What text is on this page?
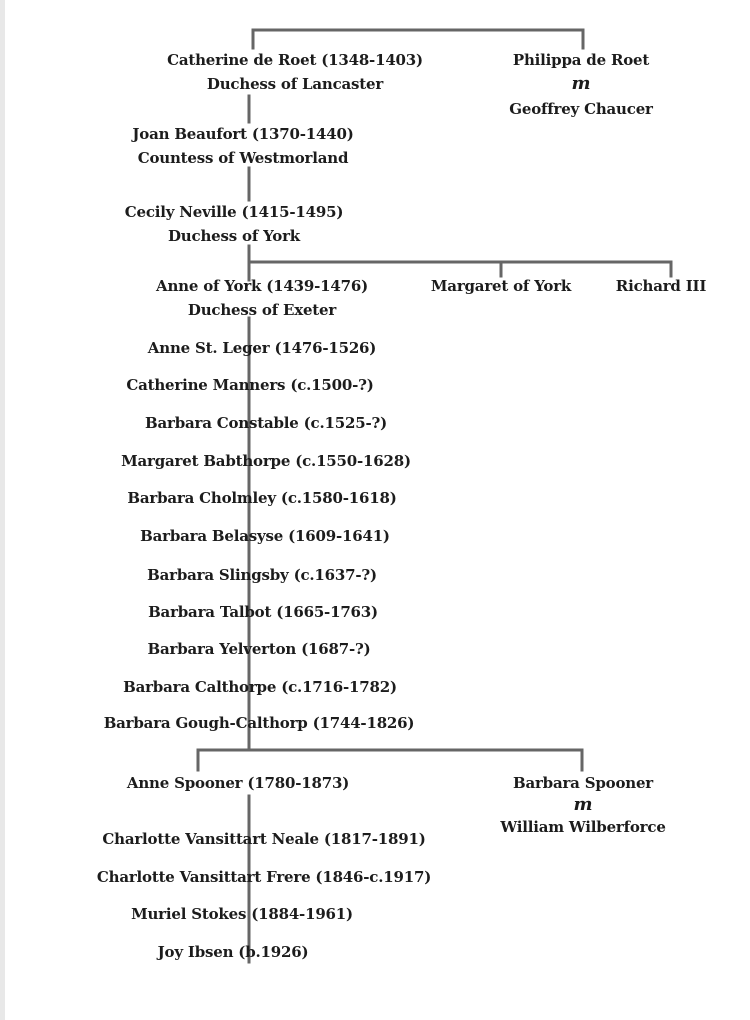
Catherine de Roet (1348-1403)
Duchess of Lancaster
Philippa de Roet
m
Geoffrey Chaucer
Joan Beaufort (1370-1440)
Countess of Westmorland
Cecily Neville (1415-1495)
Duchess of York
Anne of York (1439-1476)
Duchess of Exeter
Margaret of York	Richard III
Anne St. Leger (1476-1526)
Catherine Manners (c.1500-?)
Barbara Constable (c.1525-?)
Margaret Babthorpe (c.1550-1628)
Barbara Cholmley (c.1580-1618)
Barbara Belasyse (1609-1641)
Barbara Slingsby (c.1637-?)
Barbara Talbot (1665-1763)
Barbara Yelverton (1687-?)
Barbara Calthorpe (c.1716-1782)
Barbara Gough-Calthorp (1744-1826)
Anne Spooner (1780-1873)	Barbara Spooner
m
William Wilberforce
Charlotte Vansittart Neale (1817-1891)
Charlotte Vansittart Frere (1846-c.1917)
Muriel Stokes (1884-1961)
Joy Ibsen (b.1926)
